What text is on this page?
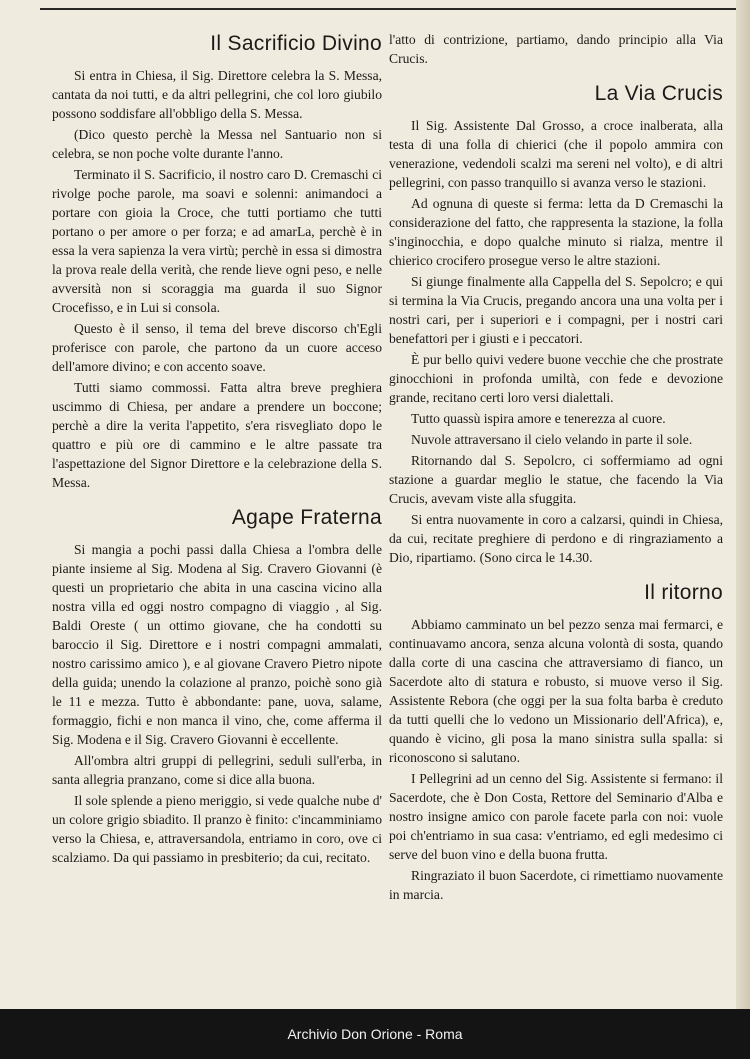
Il Sacrificio Divino

Si entra in Chiesa, il Sig. Direttore celebra la S. Messa, cantata da noi tutti, e da altri pellegrini, che col loro giubilo possono soddisfare all'obbligo della S. Messa.

(Dico questo perchè la Messa nel Santuario non si celebra, se non poche volte durante l'anno.

Terminato il S. Sacrificio, il nostro caro D. Cremaschi ci rivolge poche parole, ma soavi e solenni: animandoci a portare con gioia la Croce, che tutti portiamo che tutti portano o per amore o per forza; e ad amarLa, perchè è in essa la vera sapienza la vera virtù; perchè in essa si dimostra la prova reale della verità, che rende lieve ogni peso, e nelle avversità non si scoraggia ma guarda il suo Signor Crocefisso, e in Lui si consola.

Questo è il senso, il tema del breve discorso ch'Egli proferisce con parole, che partono da un cuore acceso dell'amore divino; e con accento soave.

Tutti siamo commossi. Fatta altra breve preghiera uscimmo di Chiesa, per andare a prendere un boccone; perchè a dire la verita l'appetito, s'era risvegliato dopo le quattro e più ore di cammino e le altre passate tra l'aspettazione del Signor Direttore e la celebrazione della S. Messa.

Agape Fraterna

Si mangia a pochi passi dalla Chiesa a l'ombra delle piante insieme al Sig. Modena al Sig. Cravero Giovanni (è questi un proprietario che abita in una cascina vicino alla nostra villa ed oggi nostro compagno di viaggio , al Sig. Baldi Oreste ( un ottimo giovane, che ha condotti su baroccio il Sig. Direttore e i nostri compagni ammalati, nostro carissimo amico ), e al giovane Cravero Pietro nipote della guida; unendo la colazione al pranzo, poichè sono già le 11 e mezza. Tutto è abbondante: pane, uova, salame, formaggio, fichi e non manca il vino, che, come afferma il Sig. Modena e il Sig. Cravero Giovanni è eccellente.

All'ombra altri gruppi di pellegrini, seduli sull'erba, in santa allegria pranzano, come si dice alla buona.

Il sole splende a pieno meriggio, si vede qualche nube d' un colore grigio sbiadito. Il pranzo è finito: c'incamminiamo verso la Chiesa, e, attraversandola, entriamo in coro, ove ci scalziamo. Da qui passiamo in presbiterio; da cui, recitato.

l'atto di contrizione, partiamo, dando principio alla Via Crucis.

La Via Crucis

Il Sig. Assistente Dal Grosso, a croce inalberata, alla testa di una folla di chierici (che il popolo ammira con venerazione, vedendoli scalzi ma sereni nel volto), e di altri pellegrini, con passo tranquillo si avanza verso le stazioni.

Ad ognuna di queste si ferma: letta da D Cremaschi la considerazione del fatto, che rappresenta la stazione, la folla s'inginocchia, e dopo qualche minuto si rialza, mentre il chierico crocifero prosegue verso le altre stazioni.

Si giunge finalmente alla Cappella del S. Sepolcro; e qui si termina la Via Crucis, pregando ancora una una volta per i nostri cari, per i superiori e i compagni, per i nostri cari benefattori per i giusti e i peccatori.

È pur bello quivi vedere buone vecchie che che prostrate ginocchioni in profonda umiltà, con fede e devozione grande, recitano certi loro versi dialettali.

Tutto quassù ispira amore e tenerezza al cuore.

Nuvole attraversano il cielo velando in parte il sole.

Ritornando dal S. Sepolcro, ci soffermiamo ad ogni stazione a guardar meglio le statue, che facendo la Via Crucis, avevam viste alla sfuggita.

Si entra nuovamente in coro a calzarsi, quindi in Chiesa, da cui, recitate preghiere di perdono e di ringraziamento a Dio, ripartiamo. (Sono circa le 14.30.

Il ritorno

Abbiamo camminato un bel pezzo senza mai fermarci, e continuavamo ancora, senza alcuna volontà di sosta, quando dalla corte di una cascina che attraversiamo di fianco, un Sacerdote alto di statura e robusto, si muove verso il Sig. Assistente Rebora (che oggi per la sua folta barba è creduto da tutti quelli che lo vedono un Missionario dell'Africa), e, quando è vicino, gli posa la mano sinistra sulla spalla: si riconoscono si salutano.

I Pellegrini ad un cenno del Sig. Assistente si fermano: il Sacerdote, che è Don Costa, Rettore del Seminario d'Alba e nostro insigne amico con parole facete parla con noi: vuole poi ch'entriamo in sua casa: v'entriamo, ed egli medesimo ci serve del buon vino e della buona frutta.

Ringraziato il buon Sacerdote, ci rimettiamo nuovamente in marcia.

Archivio Don Orione - Roma
